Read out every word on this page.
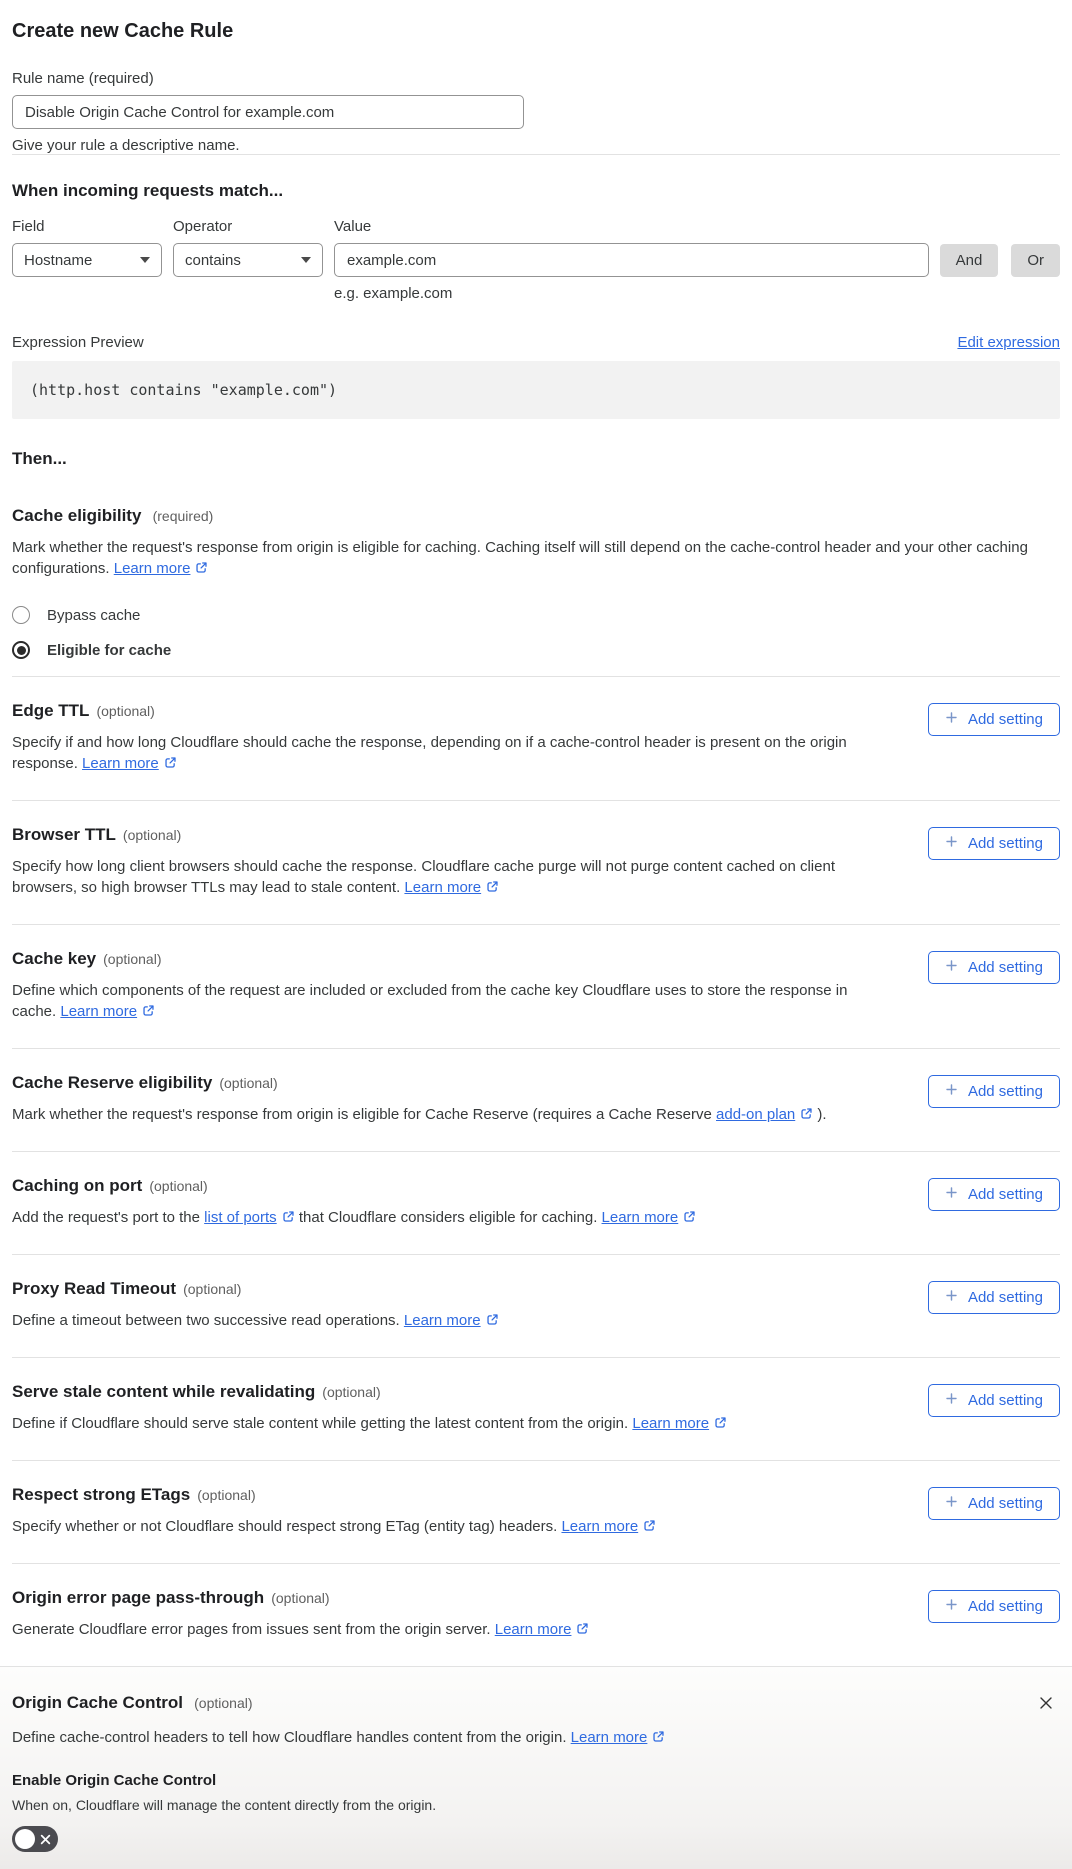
Create new Cache Rule
Rule name (required)
Disable Origin Cache Control for example.com

Give your rule a descriptive name.

When incoming requests match...
Field
Hostname
Operator
contains
Value
example.com

e.g. example.com

And	Or
Expression Preview	Edit expression
(http.host contains "example.com")
Then...
Cache eligibility (required)

Mark whether the request's response from origin is eligible for caching. Caching itself will still depend on the cache-control header and your other caching configurations. Learn more

Bypass cache
Eligible for cache
Edge TTL (optional)

Specify if and how long Cloudflare should cache the response, depending on if a cache-control header is present on the origin response. Learn more

Add setting
Browser TTL (optional)

Specify how long client browsers should cache the response. Cloudflare cache purge will not purge content cached on client browsers, so high browser TTLs may lead to stale content. Learn more

Add setting
Cache key (optional)

Define which components of the request are included or excluded from the cache key Cloudflare uses to store the response in cache. Learn more

Add setting
Cache Reserve eligibility (optional)

Mark whether the request's response from origin is eligible for Cache Reserve (requires a Cache Reserve add-on plan ).

Add setting
Caching on port (optional)

Add the request's port to the list of ports that Cloudflare considers eligible for caching. Learn more

Add setting
Proxy Read Timeout (optional)

Define a timeout between two successive read operations. Learn more

Add setting
Serve stale content while revalidating (optional)

Define if Cloudflare should serve stale content while getting the latest content from the origin. Learn more

Add setting
Respect strong ETags (optional)

Specify whether or not Cloudflare should respect strong ETag (entity tag) headers. Learn more

Add setting
Origin error page pass-through (optional)

Generate Cloudflare error pages from issues sent from the origin server. Learn more

Add setting
Origin Cache Control (optional)

Define cache-control headers to tell how Cloudflare handles content from the origin. Learn more

Enable Origin Cache Control

When on, Cloudflare will manage the content directly from the origin.
